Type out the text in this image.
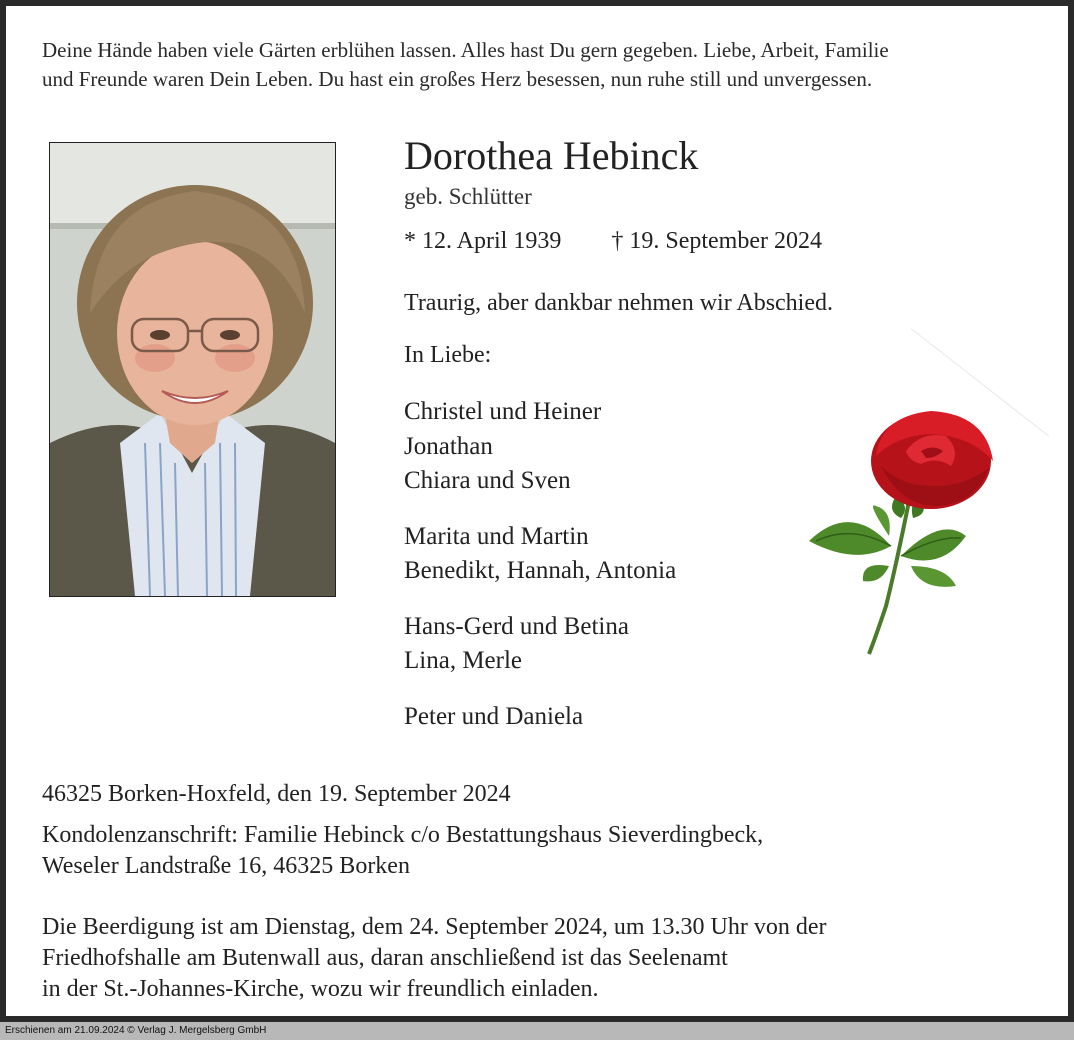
Deine Hände haben viele Gärten erblühen lassen. Alles hast Du gern gegeben. Liebe, Arbeit, Familie

und Freunde waren Dein Leben. Du hast ein großes Herz besessen, nun ruhe still und unvergessen.

Dorothea Hebinck
geb. Schlütter
* 12. April 1939 † 19. September 2024
Traurig, aber dankbar nehmen wir Abschied.
In Liebe:
Christel und Heiner
Jonathan
Chiara und Sven
Marita und Martin
Benedikt, Hannah, Antonia
Hans-Gerd und Betina
Lina, Merle
Peter und Daniela
46325 Borken-Hoxfeld, den 19. September 2024
Kondolenzanschrift: Familie Hebinck c/o Bestattungshaus Sieverdingbeck,
Weseler Landstraße 16, 46325 Borken
Die Beerdigung ist am Dienstag, dem 24. September 2024, um 13.30 Uhr von der
Friedhofshalle am Butenwall aus, daran anschließend ist das Seelenamt
in der St.-Johannes-Kirche, wozu wir freundlich einladen.
Erschienen am 21.09.2024 © Verlag J. Mergelsberg GmbH
